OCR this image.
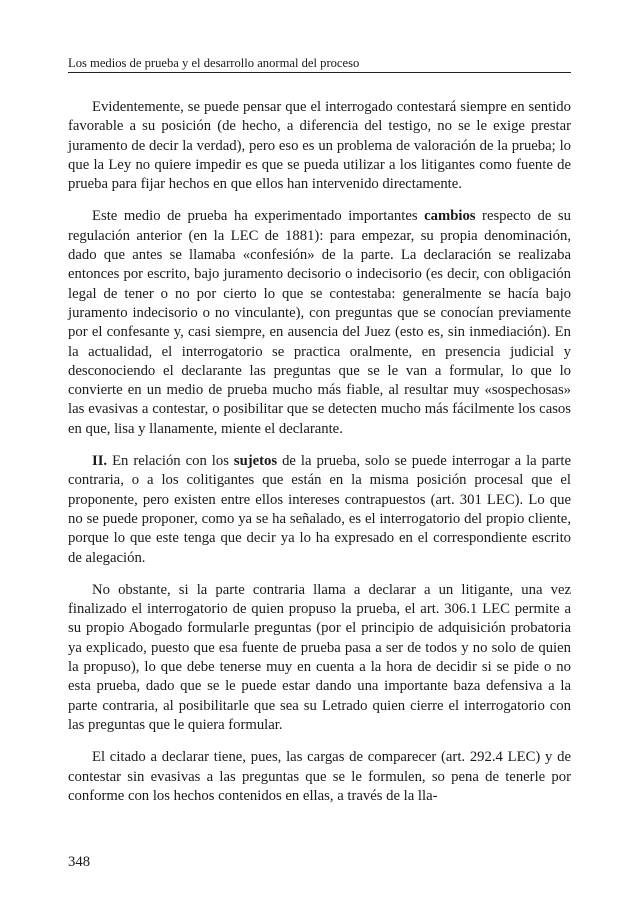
Los medios de prueba y el desarrollo anormal del proceso

Evidentemente, se puede pensar que el interrogado contestará siempre en sentido favorable a su posición (de hecho, a diferencia del testigo, no se le exige prestar juramento de decir la verdad), pero eso es un problema de valoración de la prueba; lo que la Ley no quiere impedir es que se pueda utilizar a los litigantes como fuente de prueba para fijar hechos en que ellos han intervenido directamente.

Este medio de prueba ha experimentado importantes cambios respecto de su regulación anterior (en la LEC de 1881): para empezar, su propia denominación, dado que antes se llamaba «confesión» de la parte. La declaración se realizaba entonces por escrito, bajo juramento decisorio o indecisorio (es decir, con obligación legal de tener o no por cierto lo que se contestaba: generalmente se hacía bajo juramento indecisorio o no vinculante), con preguntas que se conocían previamente por el confesante y, casi siempre, en ausencia del Juez (esto es, sin inmediación). En la actualidad, el interrogatorio se practica oralmente, en presencia judicial y desconociendo el declarante las preguntas que se le van a formular, lo que lo convierte en un medio de prueba mucho más fiable, al resultar muy «sospechosas» las evasivas a contestar, o posibilitar que se detecten mucho más fácilmente los casos en que, lisa y llanamente, miente el declarante.

II. En relación con los sujetos de la prueba, solo se puede interrogar a la parte contraria, o a los colitigantes que están en la misma posición procesal que el proponente, pero existen entre ellos intereses contrapuestos (art. 301 LEC). Lo que no se puede proponer, como ya se ha señalado, es el interrogatorio del propio cliente, porque lo que este tenga que decir ya lo ha expresado en el correspondiente escrito de alegación.

No obstante, si la parte contraria llama a declarar a un litigante, una vez finalizado el interrogatorio de quien propuso la prueba, el art. 306.1 LEC permite a su propio Abogado formularle preguntas (por el principio de adquisición probatoria ya explicado, puesto que esa fuente de prueba pasa a ser de todos y no solo de quien la propuso), lo que debe tenerse muy en cuenta a la hora de decidir si se pide o no esta prueba, dado que se le puede estar dando una importante baza defensiva a la parte contraria, al posibilitarle que sea su Letrado quien cierre el interrogatorio con las preguntas que le quiera formular.

El citado a declarar tiene, pues, las cargas de comparecer (art. 292.4 LEC) y de contestar sin evasivas a las preguntas que se le formulen, so pena de tenerle por conforme con los hechos contenidos en ellas, a través de la lla-

348
